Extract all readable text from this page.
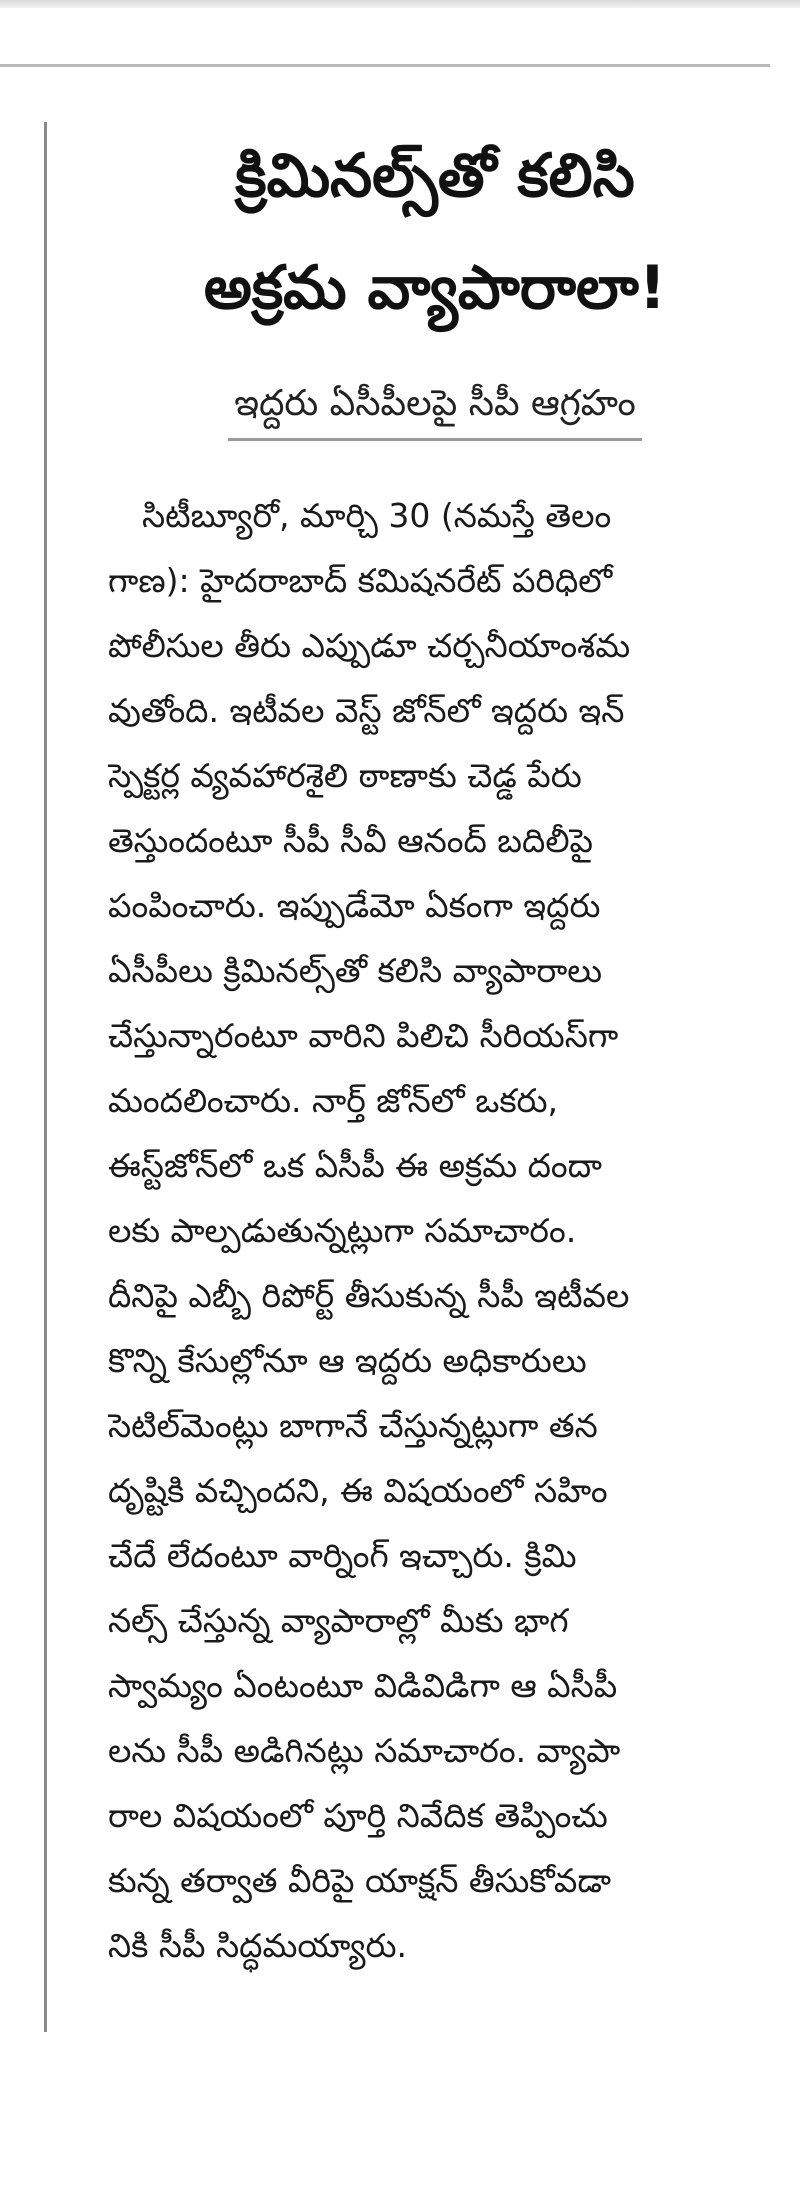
క్రిమినల్స్‌తో కలిసి
అక్రమ వ్యాపారాలా!
ఇద్దరు ఏసీపీలపై సీపీ ఆగ్రహం
సిటీబ్యూరో, మార్చి 30 (నమస్తే తెలం
గాణ): హైదరాబాద్ కమిషనరేట్ పరిధిలో
పోలీసుల తీరు ఎప్పుడూ చర్చనీయాంశమ
వుతోంది. ఇటీవల వెస్ట్ జోన్‌లో ఇద్దరు ఇన్
స్పెక్టర్ల వ్యవహారశైలి ఠాణాకు చెడ్డ పేరు
తెస్తుందంటూ సీపీ సీవీ ఆనంద్ బదిలీపై
పంపించారు. ఇప్పుడేమో ఏకంగా ఇద్దరు
ఏసీపీలు క్రిమినల్స్‌తో కలిసి వ్యాపారాలు
చేస్తున్నారంటూ వారిని పిలిచి సీరియస్‌గా
మందలించారు. నార్త్ జోన్‌లో ఒకరు,
ఈస్ట్‌జోన్‌లో ఒక ఏసీపీ ఈ అక్రమ దందా
లకు పాల్పడుతున్నట్లుగా సమాచారం.
దీనిపై ఎబ్బీ రిపోర్ట్ తీసుకున్న సీపీ ఇటీవల
కొన్ని కేసుల్లోనూ ఆ ఇద్దరు అధికారులు
సెటిల్‌మెంట్లు బాగానే చేస్తున్నట్లుగా తన
దృష్టికి వచ్చిందని, ఈ విషయంలో సహిం
చేదే లేదంటూ వార్నింగ్ ఇచ్చారు. క్రిమి
నల్స్ చేస్తున్న వ్యాపారాల్లో మీకు భాగ
స్వామ్యం ఏంటంటూ విడివిడిగా ఆ ఏసీపీ
లను సీపీ అడిగినట్లు సమాచారం. వ్యాపా
రాల విషయంలో పూర్తి నివేదిక తెప్పించు
కున్న తర్వాత వీరిపై యాక్షన్ తీసుకోవడా
నికి సీపీ సిద్ధమయ్యారు.
